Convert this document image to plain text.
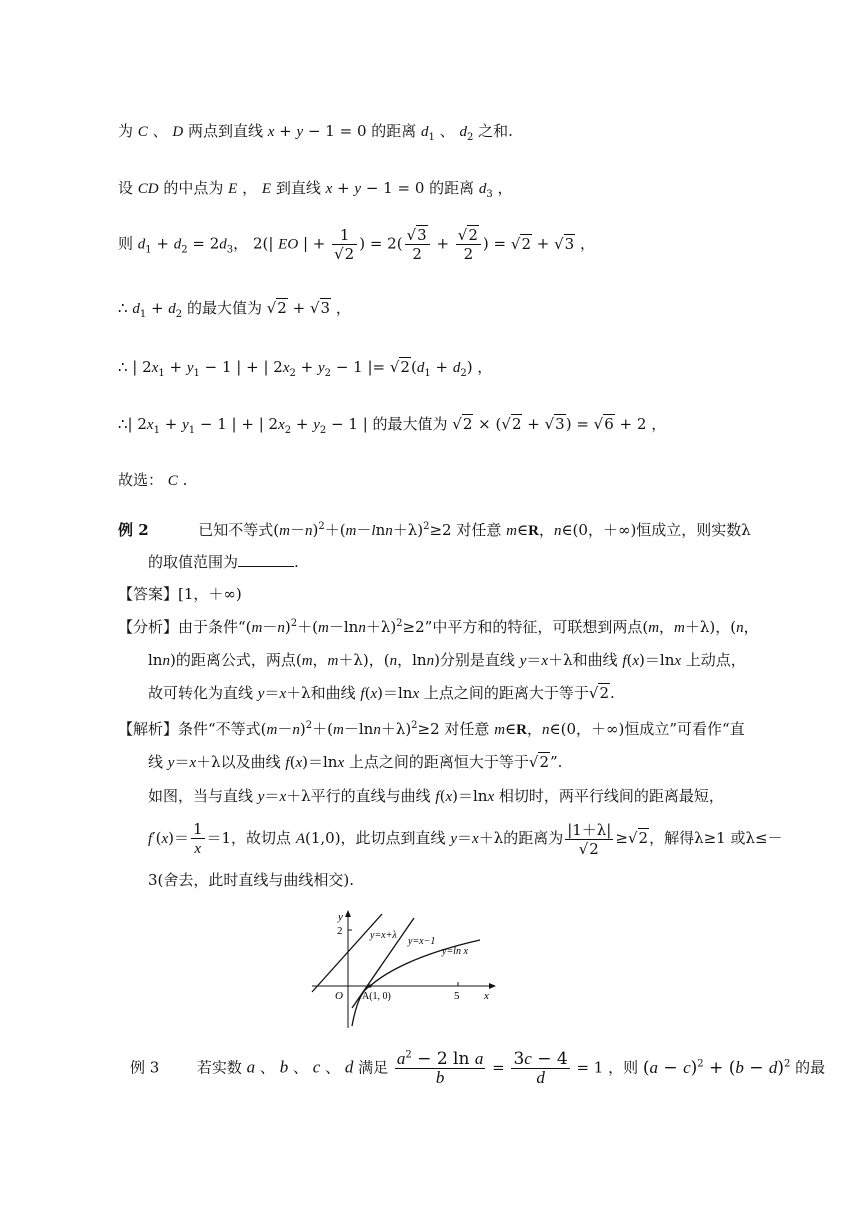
为 C 、 D 两点到直线 x + y − 1 = 0 的距离 $d_1$ 、 $d_2$ 之和.
设 CD 的中点为 E ， E 到直线 x + y − 1 = 0 的距离 $d_3$ ，
则 $d_1 + d_2 = 2d_3$， 2(| EO | + $\frac{1}{√2}$ ) = $2( \frac{√3}{2} + \frac{√2}{2}$ ) = √2 + √3 ，
∴ $d_1 + d_2$ 的最大值为 √2 + √3 ，
∴ | $2x_1 + y_1 - 1$ | + | $2x_2 + y_2 - 1$ |= $√2(d_1 + d_2)$ ，
∴| $2x_1 + y_1 - 1$ | + | $2x_2 + y_2 - 1$ | 的最大值为 √2 × (√2 + √3) = √6 + 2 ，
故选： C .
例 2	已知不等式$(m-n)^2+(m-\ln n+\lambda)^2\ge 2$ 对任意 m∈R，n∈(0，＋∞)恒成立，则实数λ
的取值范围为	.
【答案】[1，＋∞)
【分析】由于条件“$(m-n)^2+(m-\ln n+\lambda)^2\ge 2$”中平方和的特征，可联想到两点(m，m＋λ)，(n，
lnn)的距离公式，两点(m，m＋λ)，(n，lnn)分别是直线 y＝x＋λ和曲线 f(x)＝lnx 上动点，
故可转化为直线 y＝x＋λ和曲线 f(x)＝lnx 上点之间的距离大于等于√2.
【解析】条件“不等式$(m-n)^2+(m-\ln n+\lambda)^2\ge 2$ 对任意 m∈R，n∈(0，＋∞)恒成立”可看作“直
线 y＝x＋λ以及曲线 f(x)＝lnx 上点之间的距离恒大于等于√2”.
如图，当与直线 y＝x＋λ平行的直线与曲线 f(x)＝lnx 相切时，两平行线间的距离最短，
$f'(x)= \frac{1}{x} =1$，故切点 A(1,0)，此切点到直线 y＝x＋λ的距离为 $\frac{|1+\lambda|}{√2} \ge√2$，解得λ≥1 或λ≤－
3(舍去，此时直线与曲线相交).
y
2
O A(1, 0)	5 x
y=x+λ
y=x−1
y=ln x
例 3	若实数 a 、 b 、 c 、 d 满足 $\frac{a^2 - 2 \ln a}{b} = \frac{3c - 4}{d} = 1$ ，则 $(a - c)^2 + (b - d)^2$ 的最
